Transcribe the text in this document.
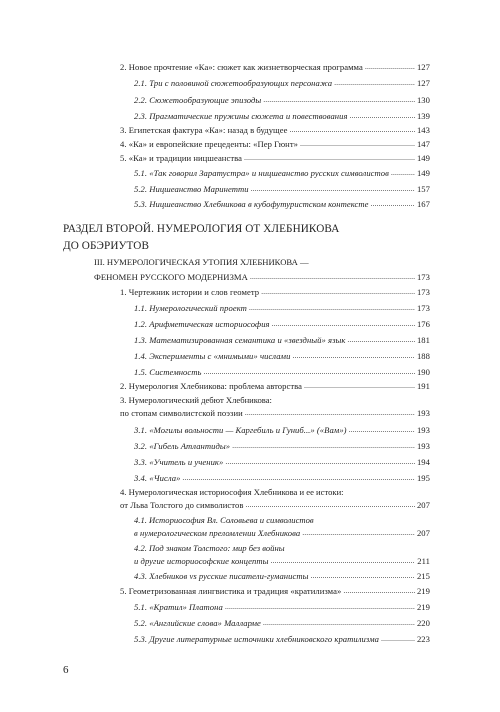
2. Новое прочтение «Ка»: сюжет как жизнетворческая программа . . .	127
2.1. Три с половиной сюжетообразующих персонажа . . .	127
2.2. Сюжетообразующие эпизоды . . .	130
2.3. Прагматические пружины сюжета и повествования . . .	139
3. Египетская фактура «Ка»: назад в будущее . . .	143
4. «Ка» и европейские прецеденты: «Пер Гюнт» . . .	147
5. «Ка» и традиции ницшеанства . . .	149
5.1. «Так говорил Заратустра» и ницшеанство русских символистов . . .	149
5.2. Ницшеанство Маринетти . . .	157
5.3. Ницшеанство Хлебникова в кубофутуристском контексте . . .	167
РАЗДЕЛ ВТОРОЙ. НУМЕРОЛОГИЯ ОТ ХЛЕБНИКОВА
ДО ОБЭРИУТОВ
III. НУМЕРОЛОГИЧЕСКАЯ УТОПИЯ ХЛЕБНИКОВА —
ФЕНОМЕН РУССКОГО МОДЕРНИЗМА . . .	173
1. Чертежник истории и слов геометр . . .	173
1.1. Нумерологический проект . . .	173
1.2. Арифметическая историософия . . .	176
1.3. Математизированная семантика и «звездный» язык . . .	181
1.4. Эксперименты с «мнимыми» числами . . .	188
1.5. Системность . . .	190
2. Нумерология Хлебникова: проблема авторства . . .	191
3. Нумерологический дебют Хлебникова:
по стопам символистской поэзии . . .	193
3.1. «Могилы вольности — Каргебиль и Гуниб...» («Вам») . . .	193
3.2. «Гибель Атлантиды» . . .	193
3.3. «Учитель и ученик» . . .	194
3.4. «Числа» . . .	195
4. Нумерологическая историософия Хлебникова и ее истоки:
от Льва Толстого до символистов . . .	207
4.1. Историософия Вл. Соловьева и символистов
в нумерологическом преломлении Хлебникова . . .	207
4.2. Под знаком Толстого: мир без войны
и другие историософские концепты . . .	211
4.3. Хлебников vs русские писатели-гуманисты . . .	215
5. Геометризованная лингвистика и традиция «кратилизма» . . .	219
5.1. «Кратил» Платона . . .	219
5.2. «Английские слова» Малларме . . .	220
5.3. Другие литературные источники хлебниковского кратилизма . . .	223
6
